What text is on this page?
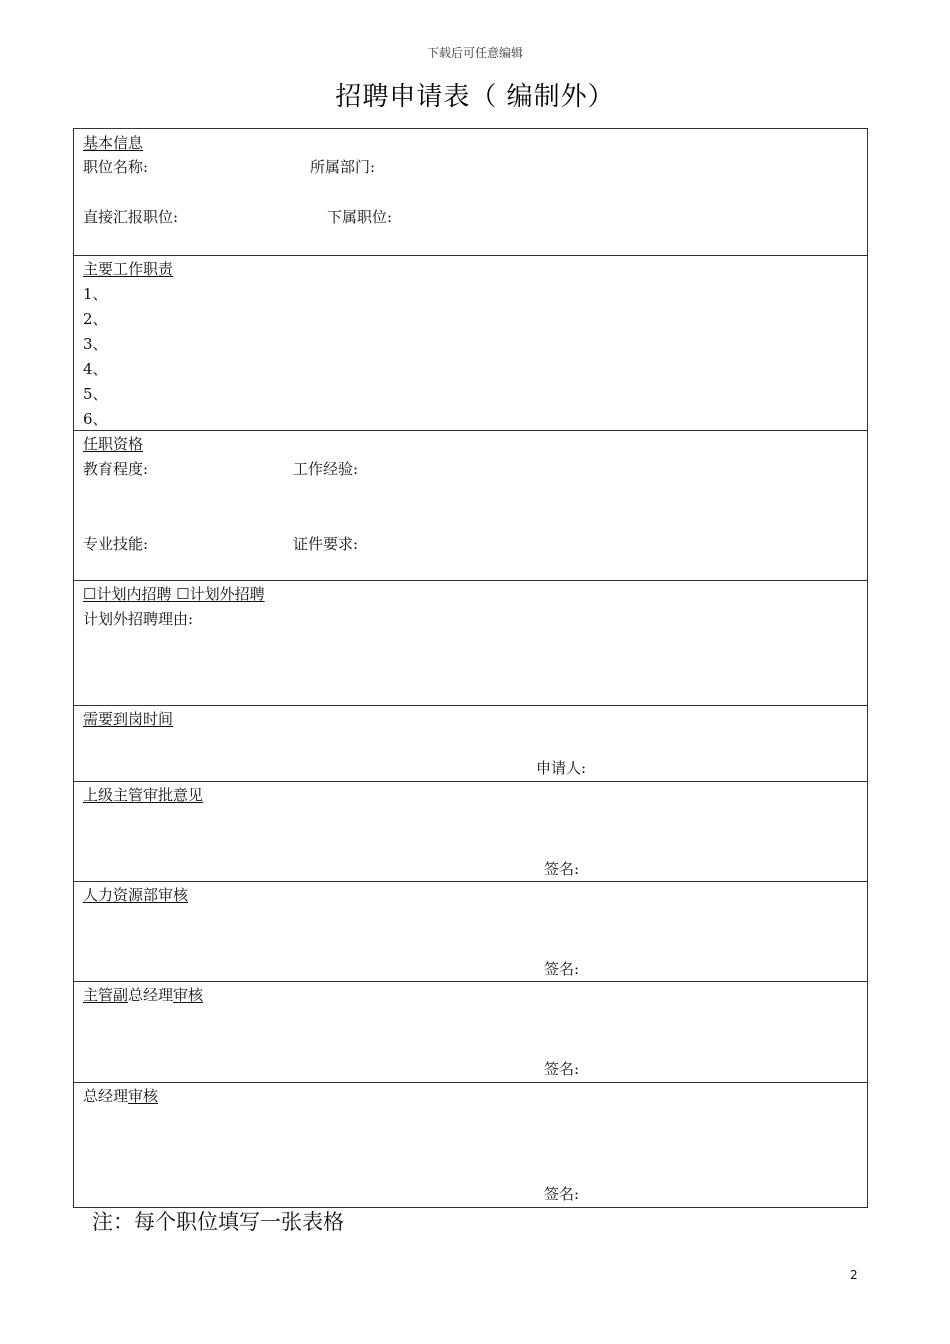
下载后可任意编辑
招聘申请表（ 编制外）
基本信息
职位名称:	所属部门:
直接汇报职位:	下属职位:
主要工作职责
1、
2、
3、
4、
5、
6、
任职资格
教育程度:	工作经验:
专业技能:	证件要求:
☐计划内招聘 ☐计划外招聘
计划外招聘理由:
需要到岗时间
申请人:
上级主管审批意见
签名:
人力资源部审核
签名:
主管副总经理审核
签名:
总经理审核
签名:
注：每个职位填写一张表格
2
